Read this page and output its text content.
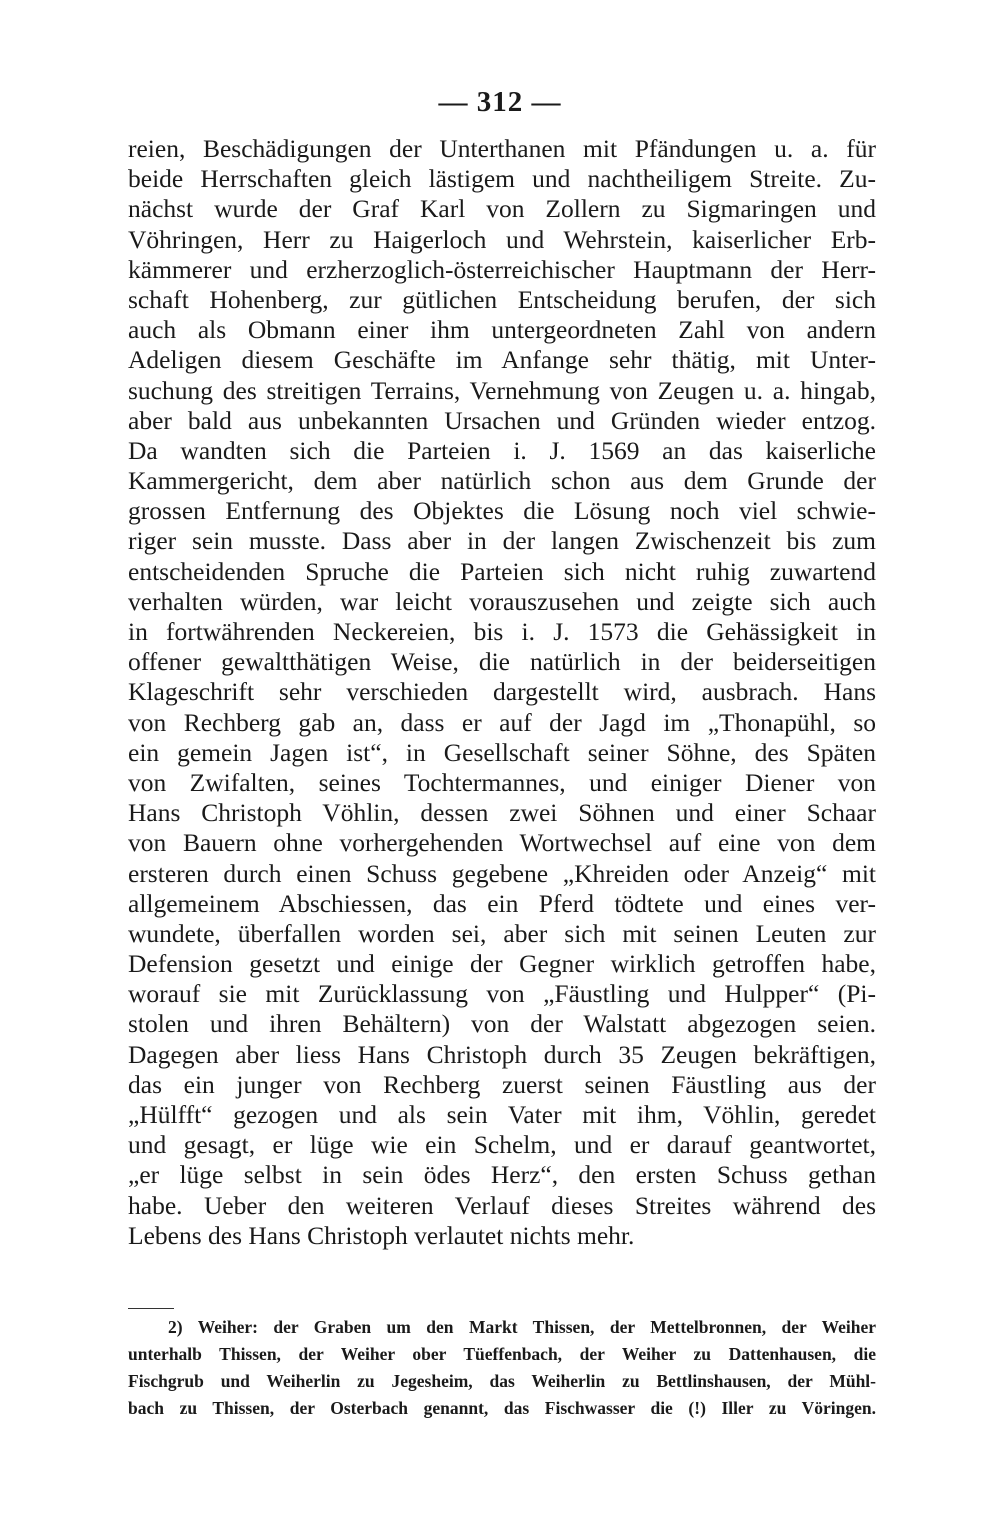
— 312 —
reien, Beschädigungen der Unterthanen mit Pfändungen u. a. für
beide Herrschaften gleich lästigem und nachtheiligem Streite. Zu-
nächst wurde der Graf Karl von Zollern zu Sigmaringen und
Vöhringen, Herr zu Haigerloch und Wehrstein, kaiserlicher Erb-
kämmerer und erzherzoglich-österreichischer Hauptmann der Herr-
schaft Hohenberg, zur gütlichen Entscheidung berufen, der sich
auch als Obmann einer ihm untergeordneten Zahl von andern
Adeligen diesem Geschäfte im Anfange sehr thätig, mit Unter-
suchung des streitigen Terrains, Vernehmung von Zeugen u. a. hingab,
aber bald aus unbekannten Ursachen und Gründen wieder entzog.
Da wandten sich die Parteien i. J. 1569 an das kaiserliche
Kammergericht, dem aber natürlich schon aus dem Grunde der
grossen Entfernung des Objektes die Lösung noch viel schwie-
riger sein musste. Dass aber in der langen Zwischenzeit bis zum
entscheidenden Spruche die Parteien sich nicht ruhig zuwartend
verhalten würden, war leicht vorauszusehen und zeigte sich auch
in fortwährenden Neckereien, bis i. J. 1573 die Gehässigkeit in
offener gewaltthätigen Weise, die natürlich in der beiderseitigen
Klageschrift sehr verschieden dargestellt wird, ausbrach. Hans
von Rechberg gab an, dass er auf der Jagd im „Thonapühl, so
ein gemein Jagen ist“, in Gesellschaft seiner Söhne, des Späten
von Zwifalten, seines Tochtermannes, und einiger Diener von
Hans Christoph Vöhlin, dessen zwei Söhnen und einer Schaar
von Bauern ohne vorhergehenden Wortwechsel auf eine von dem
ersteren durch einen Schuss gegebene „Khreiden oder Anzeig“ mit
allgemeinem Abschiessen, das ein Pferd tödtete und eines ver-
wundete, überfallen worden sei, aber sich mit seinen Leuten zur
Defension gesetzt und einige der Gegner wirklich getroffen habe,
worauf sie mit Zurücklassung von „Fäustling und Hulpper“ (Pi-
stolen und ihren Behältern) von der Walstatt abgezogen seien.
Dagegen aber liess Hans Christoph durch 35 Zeugen bekräftigen,
das ein junger von Rechberg zuerst seinen Fäustling aus der
„Hülfft“ gezogen und als sein Vater mit ihm, Vöhlin, geredet
und gesagt, er lüge wie ein Schelm, und er darauf geantwortet,
„er lüge selbst in sein ödes Herz“, den ersten Schuss gethan
habe. Ueber den weiteren Verlauf dieses Streites während des
Lebens des Hans Christoph verlautet nichts mehr.
2) Weiher: der Graben um den Markt Thissen, der Mettelbronnen, der Weiher
unterhalb Thissen, der Weiher ober Tüeffenbach, der Weiher zu Dattenhausen, die
Fischgrub und Weiherlin zu Jegesheim, das Weiherlin zu Bettlinshausen, der Mühl-
bach zu Thissen, der Osterbach genannt, das Fischwasser die (!) Iller zu Vöringen.
